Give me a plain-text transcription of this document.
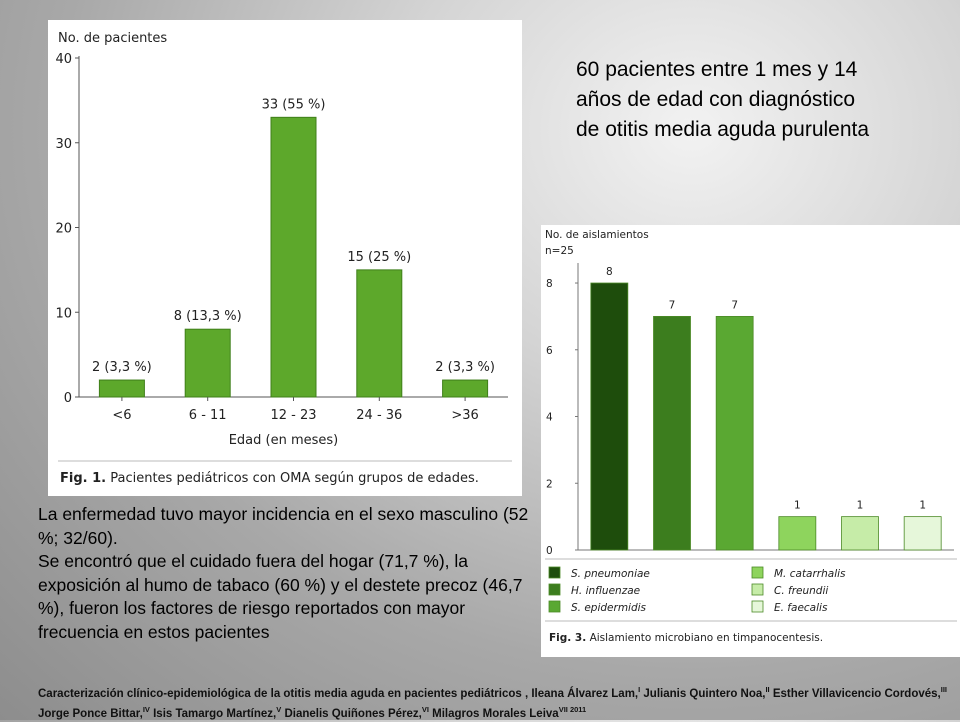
No. de pacientes
0
10
20
30
40
2 (3,3 %)
<6
8 (13,3 %)
6 - 11
33 (55 %)
12 - 23
15 (25 %)
24 - 36
2 (3,3 %)
>36
Edad (en meses)
Fig. 1. Pacientes pediátricos con OMA según grupos de edades.
No. de aislamientos
n=25
0
2
4
6
8
8
7	7
1	1	1
S. pneumoniae
H. influenzae
S. epidermidis
M. catarrhalis
C. freundii
E. faecalis
Fig. 3. Aislamiento microbiano en timpanocentesis.
60 pacientes entre 1 mes y 14 años de edad con diagnóstico de otitis media aguda purulenta

La enfermedad tuvo mayor incidencia en el sexo masculino (52 %; 32/60).

Se encontró que el cuidado fuera del hogar (71,7 %), la exposición al humo de tabaco (60 %) y el destete precoz (46,7 %), fueron los factores de riesgo reportados con mayor frecuencia en estos pacientes

Caracterización clínico-epidemiológica de la otitis media aguda en pacientes pediátricos , Ileana Álvarez Lam,$^I$ Julianis Quintero Noa,$^{II}$ Esther Villavicencio Cordovés,$^{III}$ Jorge Ponce Bittar,$^{IV}$ Isis Tamargo Martínez,$^V$ Dianelis Quiñones Pérez,$^{VI}$ Milagros Morales Leiva$^{VII 2011}$
